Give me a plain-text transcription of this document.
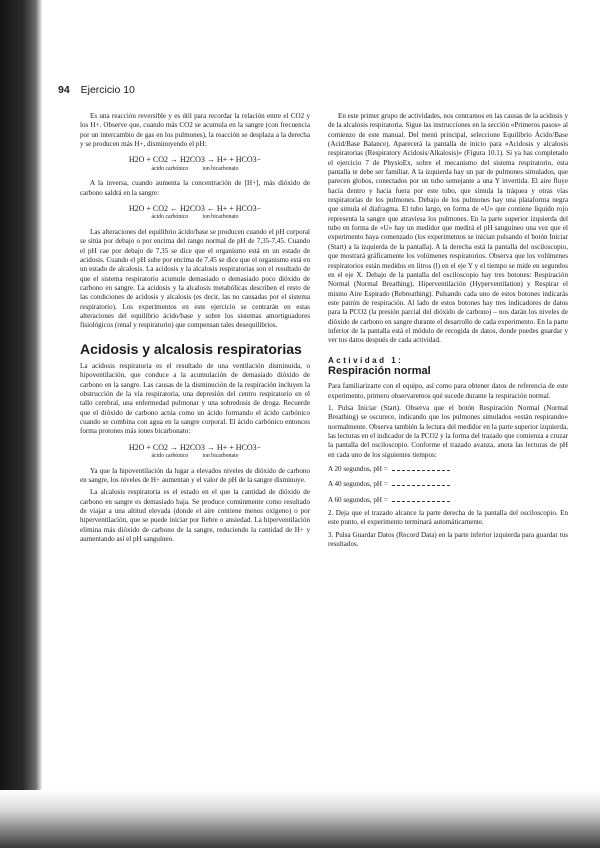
94 Ejercicio 10

Es una reacción reversible y es útil para recordar la relación entre el CO2 y los H+. Observe que, cuando más CO2 se acumula en la sangre (con frecuencia por un intercambio de gas en los pulmones), la reacción se desplaza a la derecha y se producen más H+, disminuyendo el pH:

H2O + CO2 → H2CO3 → H+ + HCO3−
ácido carbónico ion bicarbonato

A la inversa, cuando aumenta la concentración de [H+], más dióxido de carbono saldrá en la sangre:

H2O + CO2 ← H2CO3 ← H+ + HCO3−
ácido carbónico ion bicarbonato

Las alteraciones del equilibrio ácido/base se producen cuando el pH corporal se sitúa por debajo o por encima del rango normal de pH de 7,35-7,45. Cuando el pH cae por debajo de 7,35 se dice que el organismo está en un estado de acidosis. Cuando el pH sube por encima de 7,45 se dice que el organismo está en un estado de alcalosis. La acidosis y la alcalosis respiratorias son el resultado de que el sistema respiratorio acumule demasiado o demasiado poco dióxido de carbono en sangre. La acidosis y la alcalosis metabólicas describen el resto de las condiciones de acidosis y alcalosis (es decir, las no causadas por el sistema respiratorio). Los experimentos en este ejercicio se centrarán en estas alteraciones del equilibrio ácido/base y sobre los sistemas amortiguadores fisiológicos (renal y respiratorio) que compensan tales desequilibrios.

Acidosis y alcalosis respiratorias

La acidosis respiratoria es el resultado de una ventilación disminuida, o hipoventilación, que conduce a la acumulación de demasiado dióxido de carbono en la sangre. Las causas de la disminución de la respiración incluyen la obstrucción de la vía respiratoria, una depresión del centro respiratorio en el tallo cerebral, una enfermedad pulmonar y una sobredosis de droga. Recuerde que el dióxido de carbono actúa como un ácido formando el ácido carbónico cuando se combina con agua en la sangre corporal. El ácido carbónico entonces forma protones más iones bicarbonato:

H2O + CO2 → H2CO3 → H+ + HCO3−
ácido carbónico ion bicarbonato

Ya que la hipoventilación da lugar a elevados niveles de dióxido de carbono en sangre, los niveles de H+ aumentan y el valor de pH de la sangre disminuye.

La alcalosis respiratoria es el estado en el que la cantidad de dióxido de carbono en sangre es demasiado baja. Se produce comúnmente como resultado de viajar a una altitud elevada (donde el aire contiene menos oxígeno) o por hiperventilación, que se puede iniciar por fiebre o ansiedad. La hiperventilación elimina más dióxido de carbono de la sangre, reduciendo la cantidad de H+ y aumentando así el pH sanguíneo.

En este primer grupo de actividades, nos centramos en las causas de la acidosis y de la alcalosis respiratoria. Sigue las instrucciones en la sección «Primeros pasos» al comienzo de este manual. Del menú principal, seleccione Equilibrio Ácido/Base (Acid/Base Balance). Aparecerá la pantalla de inicio para «Acidosis y alcalosis respiratorias (Respiratory Acidosis/Alkalosis)» (Figura 10.1). Si ya has completado el ejercicio 7 de PhysioEx, sobre el mecanismo del sistema respiratorio, esta pantalla te debe ser familiar. A la izquierda hay un par de pulmones simulados, que parecen globos, conectados por un tubo semejante a una Y invertida. El aire fluye hacia dentro y hacia fuera por este tubo, que simula la tráquea y otras vías respiratorias de los pulmones. Debajo de los pulmones hay una plataforma negra que simula el diafragma. El tubo largo, en forma de «U» que contiene líquido rojo representa la sangre que atraviesa los pulmones. En la parte superior izquierda del tubo en forma de «U» hay un medidor que medirá el pH sanguíneo una vez que el experimento haya comenzado (los experimentos se inician pulsando el botón Iniciar (Start) a la izquierda de la pantalla). A la derecha está la pantalla del osciloscopio, que mostrará gráficamente los volúmenes respiratorios. Observa que los volúmenes respiratorios están medidos en litros (l) en el eje Y y el tiempo se mide en segundos en el eje X. Debajo de la pantalla del osciloscopio hay tres botones: Respiración Normal (Normal Breathing), Hiperventilación (Hyperventilation) y Respirar el mismo Aire Espirado (Rebreathing). Pulsando cada uno de estos botones indicarás este patrón de respiración. Al lado de estos botones hay tres indicadores de datos para la PCO2 (la presión parcial del dióxido de carbono) – nos darán los niveles de dióxido de carbono en sangre durante el desarrollo de cada experimento. En la parte inferior de la pantalla está el módulo de recogida de datos, donde puedes guardar y ver tus datos después de cada actividad.

Actividad 1:
Respiración normal

Para familiarizarte con el equipo, así como para obtener datos de referencia de este experimento, primero observaremos qué sucede durante la respiración normal.

1. Pulsa Iniciar (Start). Observa que el botón Respiración Normal (Normal Breathing) se oscurece, indicando que los pulmones simulados «están respirando» normalmente. Observa también la lectura del medidor en la parte superior izquierda, las lecturas en el indicador de la PCO2 y la forma del trazado que comienza a cruzar la pantalla del osciloscopio. Conforme el trazado avanza, anota las lecturas de pH en cada uno de los siguientes tiempos:

A 20 segundos, pH =
A 40 segundos, pH =
A 60 segundos, pH =

2. Deja que el trazado alcance la parte derecha de la pantalla del osciloscopio. En este punto, el experimento terminará automáticamente.

3. Pulsa Guardar Datos (Record Data) en la parte inferior izquierda para guardar tus resultados.
